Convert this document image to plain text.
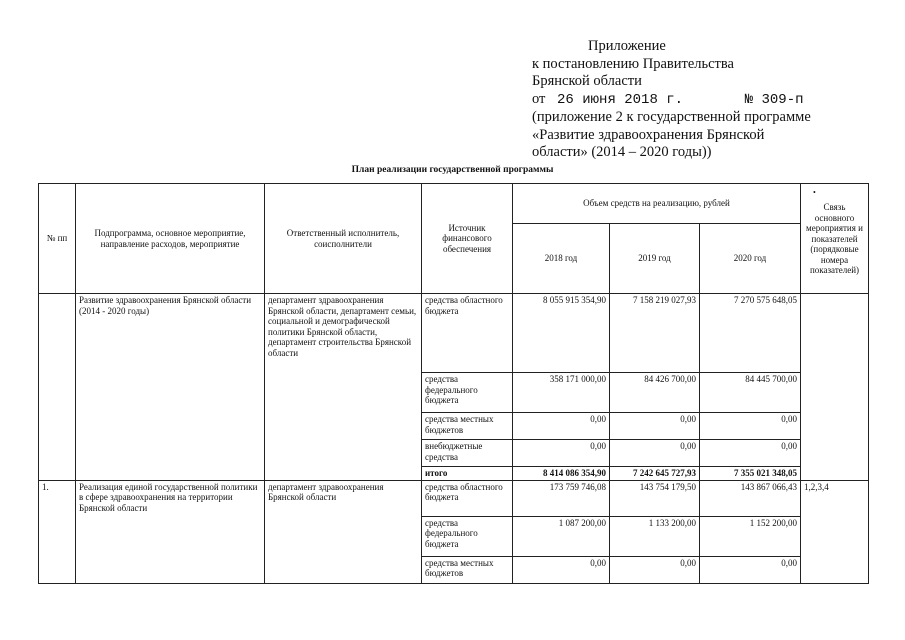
Приложение
к постановлению Правительства
Брянской области
от 26 июня 2018 г.	№ 309-п
(приложение 2 к государственной программе
«Развитие здравоохранения Брянской
области» (2014 – 2020 годы))
План реализации государственной программы
•
№ пп	Подпрограмма, основное мероприятие, направление расходов, мероприятие	Ответственный исполнитель, соисполнители	Источник финансового обеспечения	Объем средств на реализацию, рублей			Связь основного мероприятия и показателей (порядковые номера показателей)
				2018 год	2019 год	2020 год	
	Развитие здравоохранения Брянской области (2014 - 2020 годы)	департамент здравоохранения Брянской области, департамент семьи, социальной и демографической политики Брянской области, департамент строительства Брянской области	средства областного бюджета	8 055 915 354,90	7 158 219 027,93	7 270 575 648,05	
			средства федерального бюджета	358 171 000,00	84 426 700,00	84 445 700,00	
			средства местных бюджетов	0,00	0,00	0,00	
			внебюджетные средства	0,00	0,00	0,00	
			итого	8 414 086 354,90	7 242 645 727,93	7 355 021 348,05	
1.	Реализация единой государственной политики в сфере здравоохранения на территории Брянской области	департамент здравоохранения Брянской области	средства областного бюджета	173 759 746,08	143 754 179,50	143 867 066,43	1,2,3,4
			средства федерального бюджета	1 087 200,00	1 133 200,00	1 152 200,00	
			средства местных бюджетов	0,00	0,00	0,00	
